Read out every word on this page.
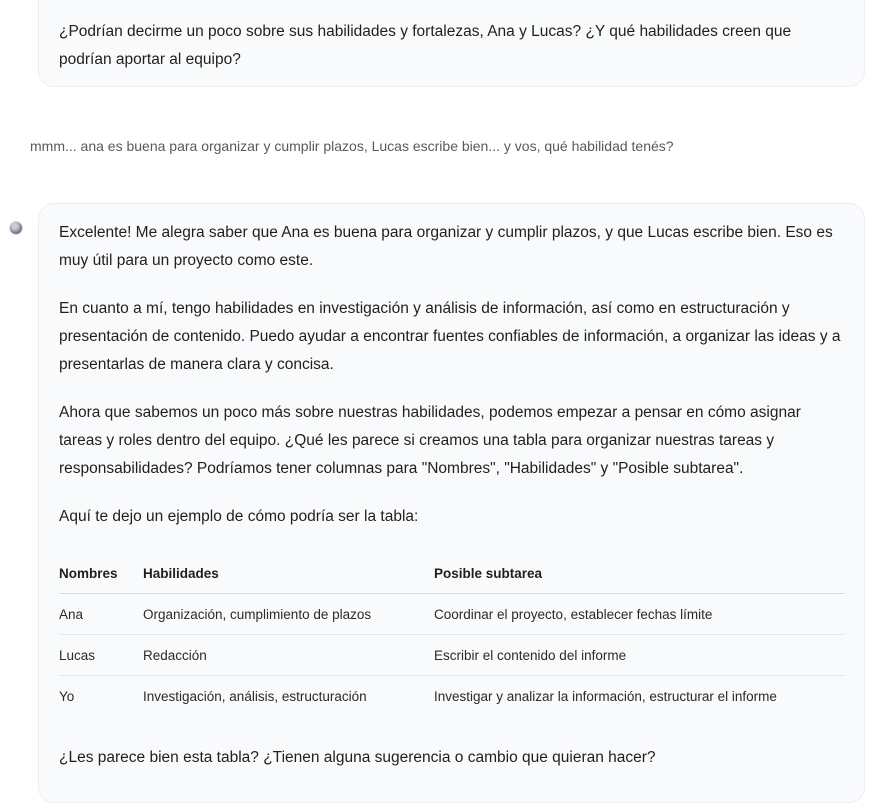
¿Podrían decirme un poco sobre sus habilidades y fortalezas, Ana y Lucas? ¿Y qué habilidades creen que podrían aportar al equipo?

mmm... ana es buena para organizar y cumplir plazos, Lucas escribe bien... y vos, qué habilidad tenés?

Excelente! Me alegra saber que Ana es buena para organizar y cumplir plazos, y que Lucas escribe bien. Eso es muy útil para un proyecto como este.

En cuanto a mí, tengo habilidades en investigación y análisis de información, así como en estructuración y presentación de contenido. Puedo ayudar a encontrar fuentes confiables de información, a organizar las ideas y a presentarlas de manera clara y concisa.

Ahora que sabemos un poco más sobre nuestras habilidades, podemos empezar a pensar en cómo asignar tareas y roles dentro del equipo. ¿Qué les parece si creamos una tabla para organizar nuestras tareas y responsabilidades? Podríamos tener columnas para "Nombres", "Habilidades" y "Posible subtarea".

Aquí te dejo un ejemplo de cómo podría ser la tabla:

Nombres	Habilidades	Posible subtarea
Ana	Organización, cumplimiento de plazos	Coordinar el proyecto, establecer fechas límite
Lucas	Redacción	Escribir el contenido del informe
Yo	Investigación, análisis, estructuración	Investigar y analizar la información, estructurar el informe
¿Les parece bien esta tabla? ¿Tienen alguna sugerencia o cambio que quieran hacer?
